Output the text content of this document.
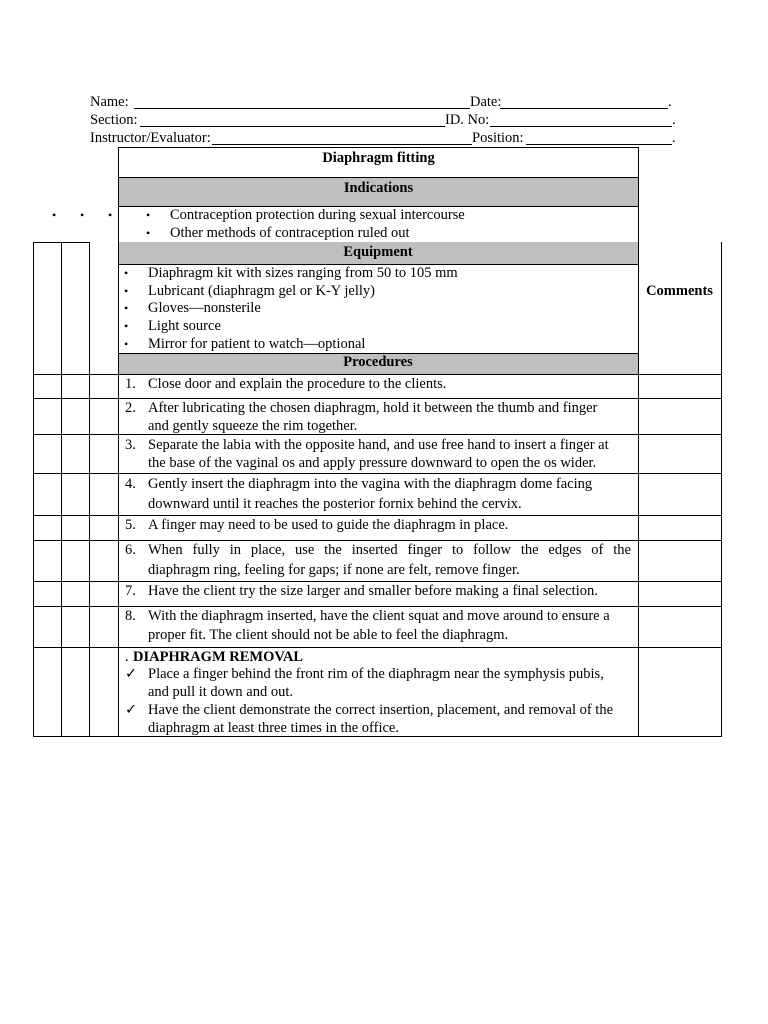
Name:	Date:	.
Section:	ID. No:	.
Instructor/Evaluator:	Position:	.
Diaphragm fitting
Indications
• • •	• Contraception protection during sexual intercourse
• Other methods of contraception ruled out
Equipment
Procedures
Comments
• Diaphragm kit with sizes ranging from 50 to 105 mm
• Lubricant (diaphragm gel or K-Y jelly)
• Gloves—nonsterile
• Light source
• Mirror for patient to watch—optional
1. Close door and explain the procedure to the clients.
2. After lubricating the chosen diaphragm, hold it between the thumb and finger
and gently squeeze the rim together.
3. Separate the labia with the opposite hand, and use free hand to insert a finger at
the base of the vaginal os and apply pressure downward to open the os wider.
4. Gently insert the diaphragm into the vagina with the diaphragm dome facing
downward until it reaches the posterior fornix behind the cervix.
5. A finger may need to be used to guide the diaphragm in place.
6. When fully in place, use the inserted finger to follow the edges of the
diaphragm ring, feeling for gaps; if none are felt, remove finger.
7. Have the client try the size larger and smaller before making a final selection.
8. With the diaphragm inserted, have the client squat and move around to ensure a
proper fit. The client should not be able to feel the diaphragm.
. DIAPHRAGM REMOVAL
✓ Place a finger behind the front rim of the diaphragm near the symphysis pubis,
and pull it down and out.
✓ Have the client demonstrate the correct insertion, placement, and removal of the
diaphragm at least three times in the office.
